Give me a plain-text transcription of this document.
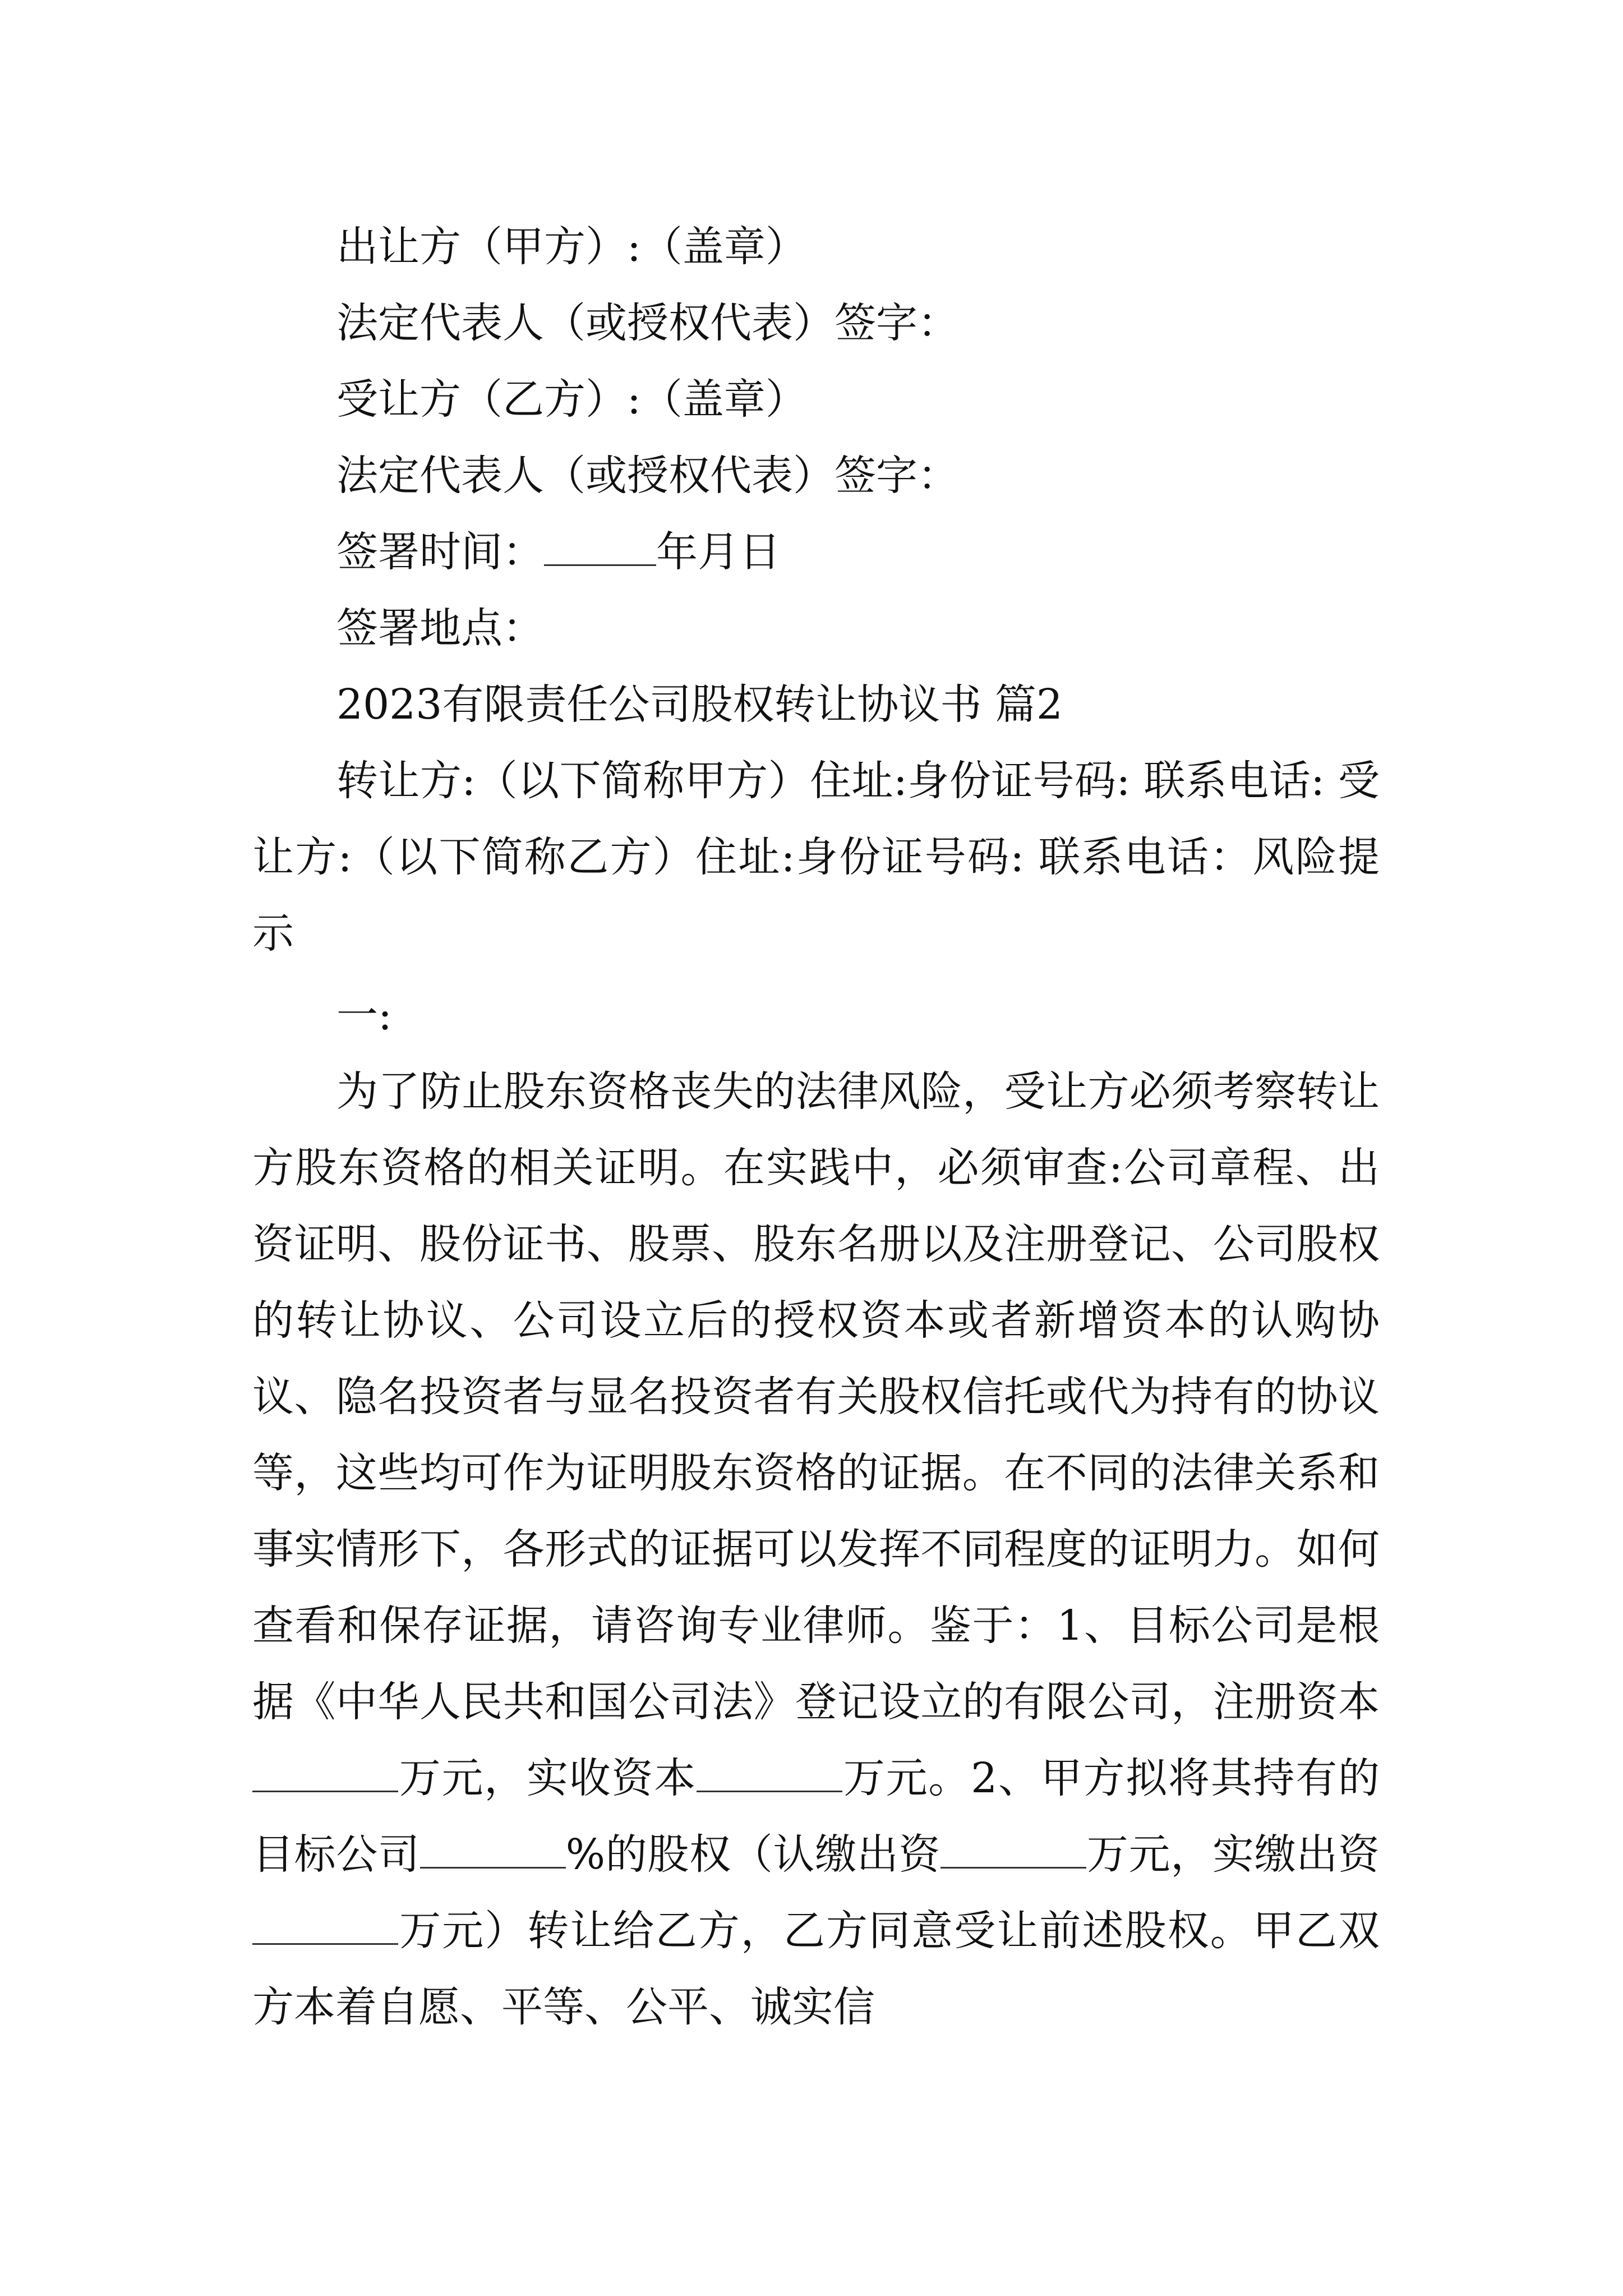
出让方（甲方）:（盖章）
法定代表人（或授权代表）签字：
受让方（乙方）:（盖章）
法定代表人（或授权代表）签字：
签署时间：	年月日
签署地点：
2023有限责任公司股权转让协议书 篇2

转让方:（以下简称甲方）住址:身份证号码: 联系电话: 受让方:（以下简称乙方）住址:身份证号码: 联系电话：风险提示

一:

为了防止股东资格丧失的法律风险，受让方必须考察转让方股东资格的相关证明。在实践中，必须审查:公司章程、出资证明、股份证书、股票、股东名册以及注册登记、公司股权的转让协议、公司设立后的授权资本或者新增资本的认购协议、隐名投资者与显名投资者有关股权信托或代为持有的协议等，这些均可作为证明股东资格的证据。在不同的法律关系和事实情形下，各形式的证据可以发挥不同程度的证明力。如何查看和保存证据，请咨询专业律师。鉴于：1、目标公司是根据《中华人民共和国公司法》登记设立的有限公司，注册资本万元，实收资本	万元。2、甲方拟将其持有的目标公司	%的股权（认缴出资	万元，实缴出资万元）转让给乙方，乙方同意受让前述股权。甲乙双方本着自愿、平等、公平、诚实信
